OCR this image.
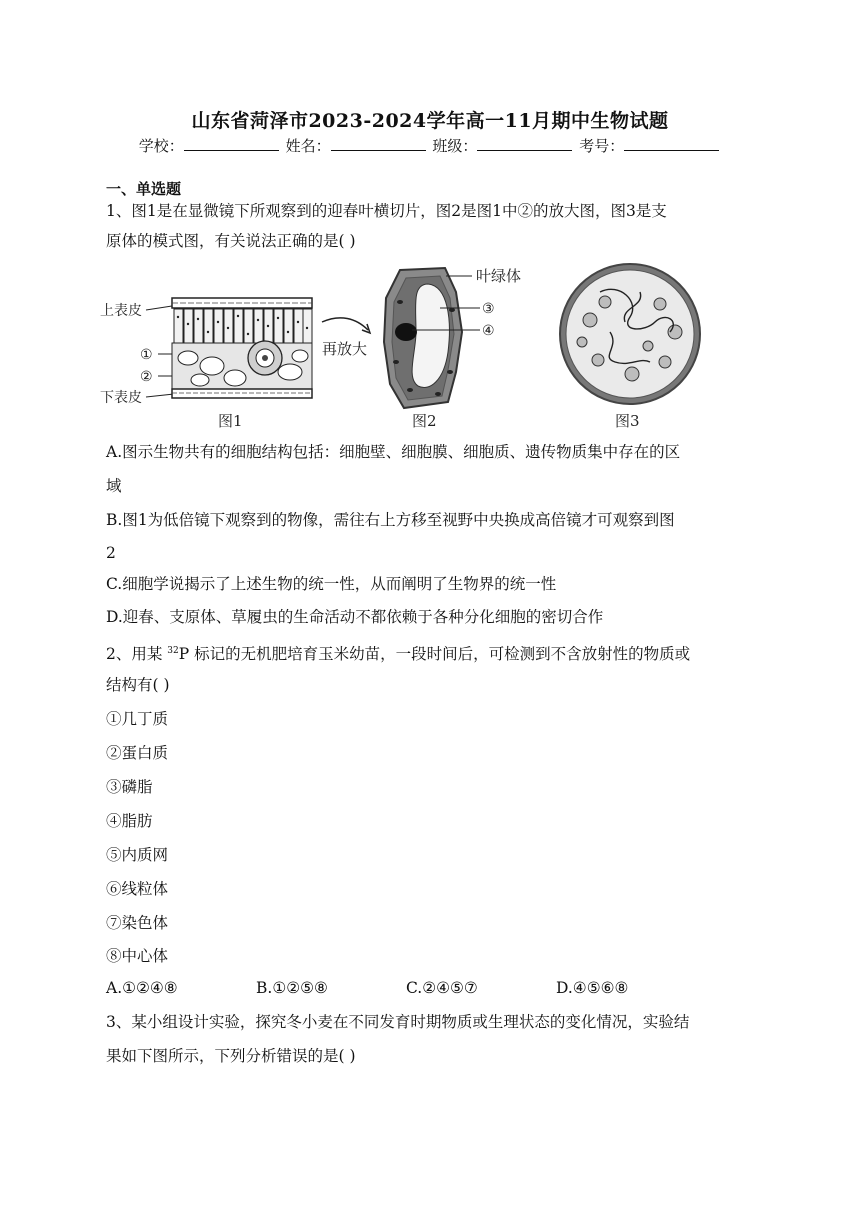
山东省菏泽市2023-2024学年高一11月期中生物试题
学校：	姓名：	班级：	考号：
一、单选题
1、图1是在显微镜下所观察到的迎春叶横切片，图2是图1中②的放大图，图3是支
原体的模式图，有关说法正确的是( )
上表皮
①
②
下表皮
再放大
图1
叶绿体
③
④
图2	图3
A.图示生物共有的细胞结构包括：细胞壁、细胞膜、细胞质、遗传物质集中存在的区
域
B.图1为低倍镜下观察到的物像，需往右上方移至视野中央换成高倍镜才可观察到图
2
C.细胞学说揭示了上述生物的统一性，从而阐明了生物界的统一性
D.迎春、支原体、草履虫的生命活动不都依赖于各种分化细胞的密切合作
2、用某 $^{32}$P 标记的无机肥培育玉米幼苗，一段时间后，可检测到不含放射性的物质或
结构有( )
①几丁质
②蛋白质
③磷脂
④脂肪
⑤内质网
⑥线粒体
⑦染色体
⑧中心体
A.①②④⑧	B.①②⑤⑧	C.②④⑤⑦	D.④⑤⑥⑧
3、某小组设计实验，探究冬小麦在不同发育时期物质或生理状态的变化情况，实验结
果如下图所示，下列分析错误的是( )
